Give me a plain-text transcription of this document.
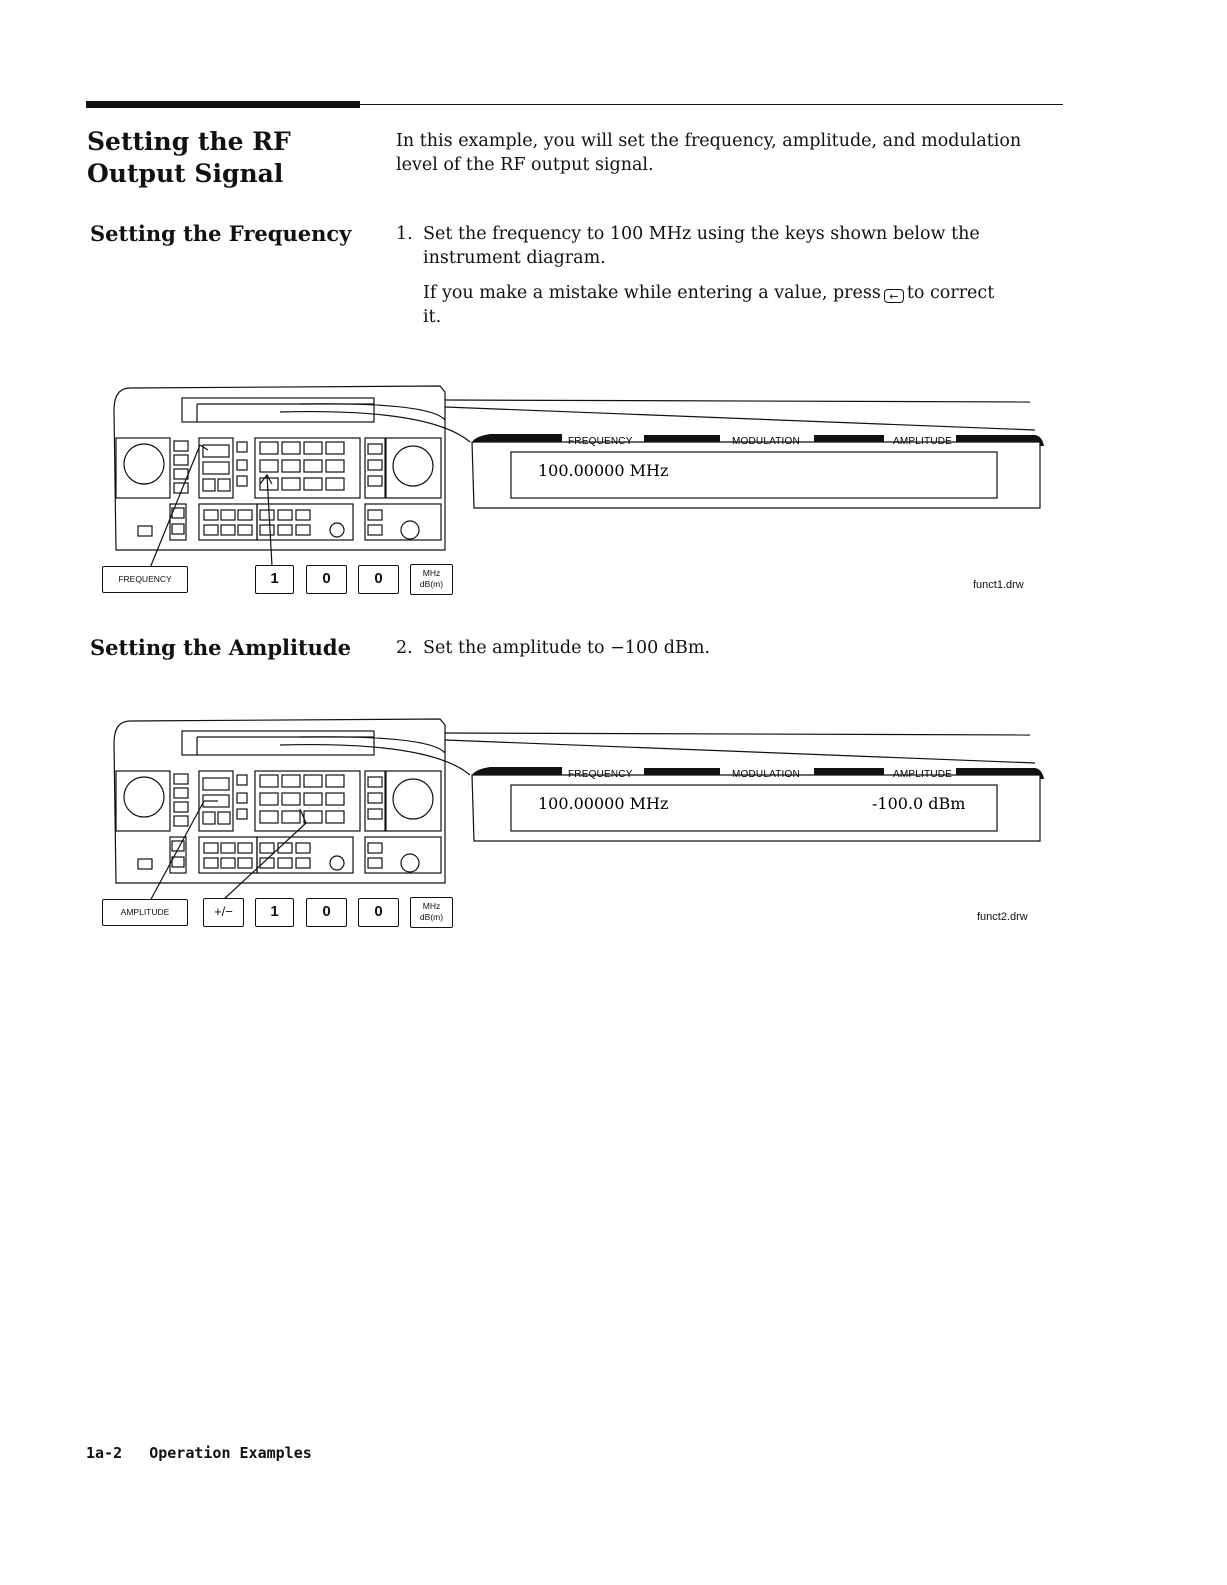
Setting the RF
Output Signal
In this example, you will set the frequency, amplitude, and modulation
level of the RF output signal.
Setting the Frequency	1. Set the frequency to 100 MHz using the keys shown below the
instrument diagram.
If you make a mistake while entering a value, press ← to correct
it.
FREQUENCY	MODULATION	AMPLITUDE
100.00000 MHz
FREQUENCY	1	0	0	MHz
dB(m)	funct1.drw
Setting the Amplitude	2. Set the amplitude to −100 dBm.
FREQUENCY	MODULATION	AMPLITUDE
100.00000 MHz	-100.0 dBm
AMPLITUDE	+/−	1	0	0	MHz
dB(m)	funct2.drw
1a-2 Operation Examples
